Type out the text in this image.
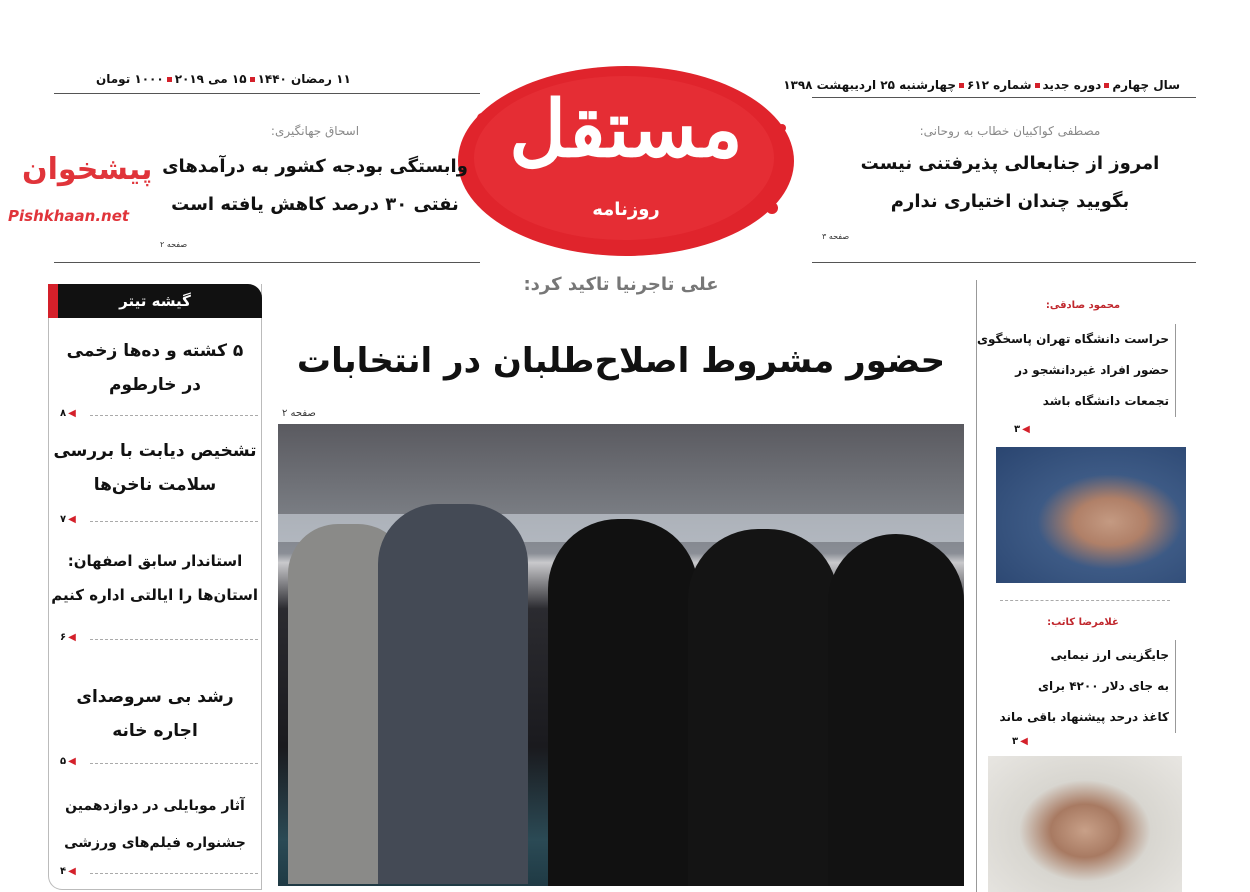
سال چهارمدوره جدیدشماره ۶۱۲چهارشنبه ۲۵ اردیبهشت ۱۳۹۸
۱۱ رمضان ۱۴۴۰۱۵ می ۲۰۱۹۱۰۰۰ تومان
مستقل
روزنامه
مصطفی کواکبیان خطاب به روحانی:
امروز از جنابعالی پذیرفتنی نیست
بگویید چندان اختیاری ندارم
صفحه ۳
اسحاق جهانگیری:
وابستگی بودجه کشور به درآمدهای
نفتی ۳۰ درصد کاهش یافته است
صفحه ۲
پیشخوان
Pishkhaan.net
گیشه تیتر
۵ کشته و ده‌ها زخمی
در خارطوم
۸ ◀
تشخیص دیابت با بررسی
سلامت ناخن‌ها
۷ ◀
استاندار سابق اصفهان:
استان‌ها را ایالتی اداره کنیم
۶ ◀
رشد بی سروصدای
اجاره خانه
۵ ◀
آثار موبایلی در دوازدهمین
جشنواره فیلم‌های ورزشی
۴ ◀
علی تاجرنیا تاکید کرد:
حضور مشروط اصلاح‌طلبان در انتخابات
صفحه ۲
محمود صادقی:
حراست دانشگاه تهران پاسخگوی
حضور افراد غیردانشجو در
تجمعات دانشگاه باشد
۳ ◀
غلامرضا کاتب:
جایگزینی ارز نیمایی
به جای دلار ۴۲۰۰ برای
کاغذ درحد پیشنهاد باقی ماند
۳ ◀
